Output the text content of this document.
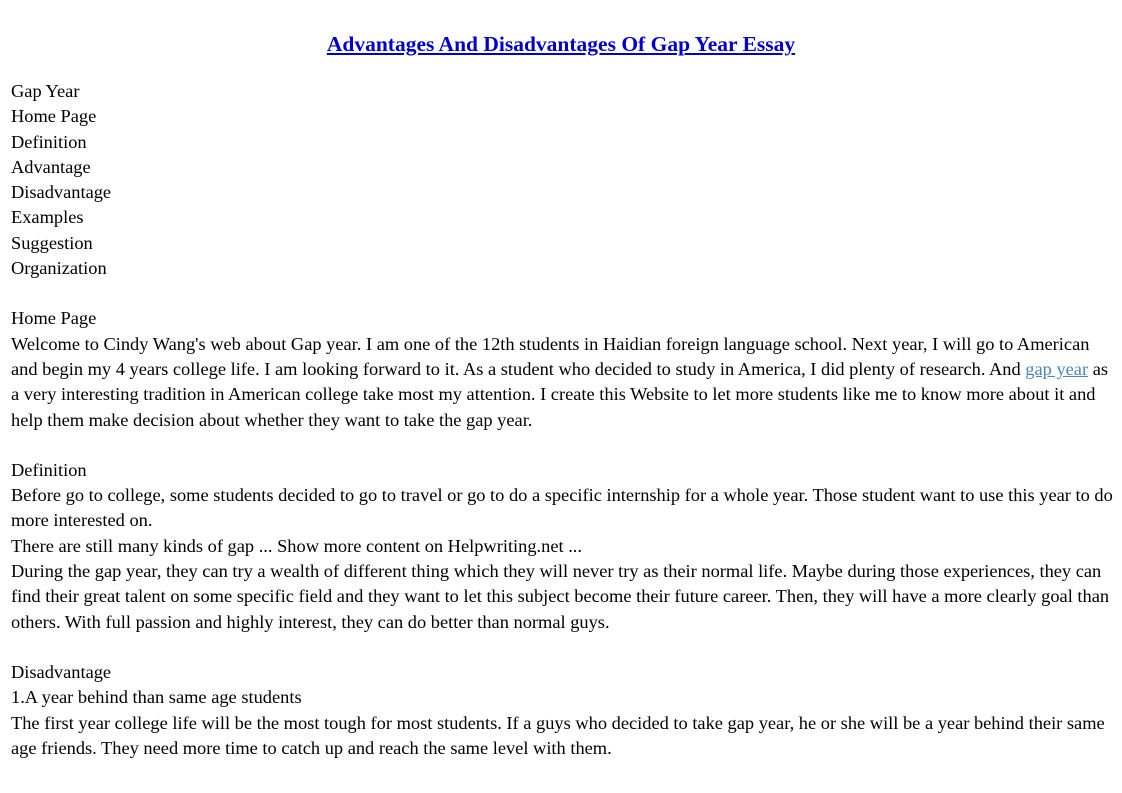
Advantages And Disadvantages Of Gap Year Essay
Gap Year
Home Page
Definition
Advantage
Disadvantage
Examples
Suggestion
Organization
Home Page
Welcome to Cindy Wang's web about Gap year. I am one of the 12th students in Haidian foreign language school. Next year, I will go to American and begin my 4 years college life. I am looking forward to it. As a student who decided to study in America, I did plenty of research. And gap year as a very interesting tradition in American college take most my attention. I create this Website to let more students like me to know more about it and help them make decision about whether they want to take the gap year.
Definition
Before go to college, some students decided to go to travel or go to do a specific internship for a whole year. Those student want to use this year to do more interested on.
There are still many kinds of gap ... Show more content on Helpwriting.net ...
During the gap year, they can try a wealth of different thing which they will never try as their normal life. Maybe during those experiences, they can find their great talent on some specific field and they want to let this subject become their future career. Then, they will have a more clearly goal than others. With full passion and highly interest, they can do better than normal guys.
Disadvantage
1.A year behind than same age students
The first year college life will be the most tough for most students. If a guys who decided to take gap year, he or she will be a year behind their same age friends. They need more time to catch up and reach the same level with them.
